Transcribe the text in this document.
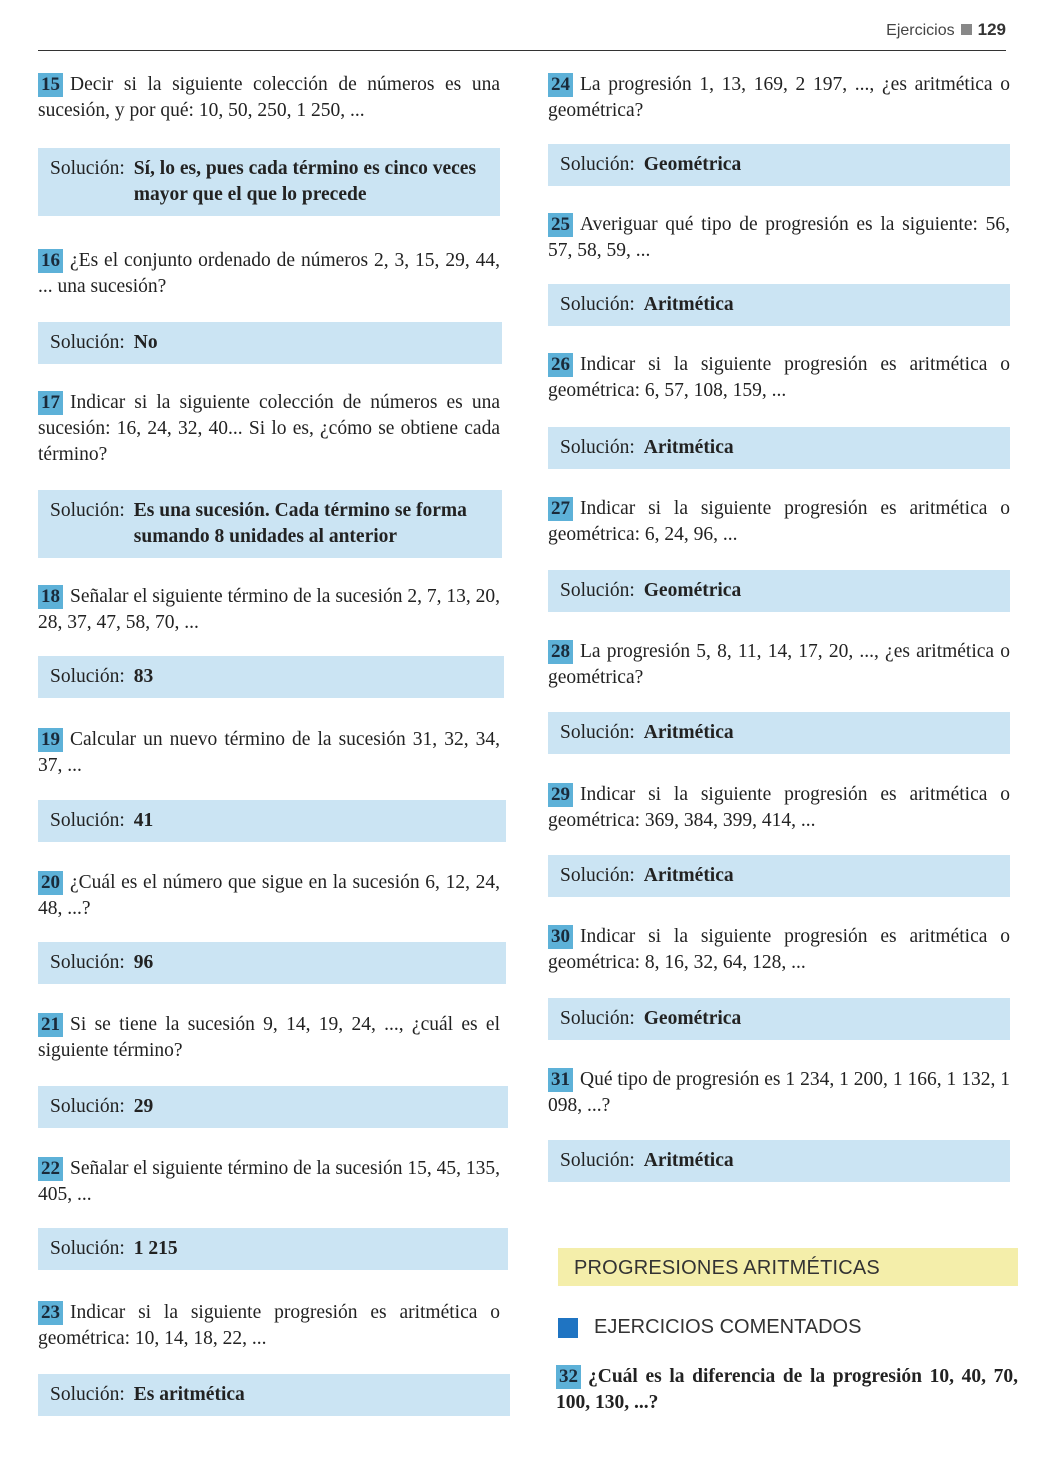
Ejercicios 129

15 Decir si la siguiente colección de números es una sucesión, y por qué: 10, 50, 250, 1 250, ...

Solución: Sí, lo es, pues cada término es cinco veces mayor que el que lo precede

16 ¿Es el conjunto ordenado de números 2, 3, 15, 29, 44, ... una sucesión?

Solución: No

17 Indicar si la siguiente colección de números es una sucesión: 16, 24, 32, 40... Si lo es, ¿cómo se obtiene cada término?

Solución: Es una sucesión. Cada término se forma sumando 8 unidades al anterior

18 Señalar el siguiente término de la sucesión 2, 7, 13, 20, 28, 37, 47, 58, 70, ...

Solución: 83

19 Calcular un nuevo término de la sucesión 31, 32, 34, 37, ...

Solución: 41

20 ¿Cuál es el número que sigue en la sucesión 6, 12, 24, 48, ...?

Solución: 96

21 Si se tiene la sucesión 9, 14, 19, 24, ..., ¿cuál es el siguiente término?

Solución: 29

22 Señalar el siguiente término de la sucesión 15, 45, 135, 405, ...

Solución: 1 215

23 Indicar si la siguiente progresión es aritmética o geométrica: 10, 14, 18, 22, ...

Solución: Es aritmética

24 La progresión 1, 13, 169, 2 197, ..., ¿es aritmética o geométrica?

Solución: Geométrica

25 Averiguar qué tipo de progresión es la siguiente: 56, 57, 58, 59, ...

Solución: Aritmética

26 Indicar si la siguiente progresión es aritmética o geométrica: 6, 57, 108, 159, ...

Solución: Aritmética

27 Indicar si la siguiente progresión es aritmética o geométrica: 6, 24, 96, ...

Solución: Geométrica

28 La progresión 5, 8, 11, 14, 17, 20, ..., ¿es aritmética o geométrica?

Solución: Aritmética

29 Indicar si la siguiente progresión es aritmética o geométrica: 369, 384, 399, 414, ...

Solución: Aritmética

30 Indicar si la siguiente progresión es aritmética o geométrica: 8, 16, 32, 64, 128, ...

Solución: Geométrica

31 Qué tipo de progresión es 1 234, 1 200, 1 166, 1 132, 1 098, ...?

Solución: Aritmética
PROGRESIONES ARITMÉTICAS
EJERCICIOS COMENTADOS

32 ¿Cuál es la diferencia de la progresión 10, 40, 70, 100, 130, ...?
